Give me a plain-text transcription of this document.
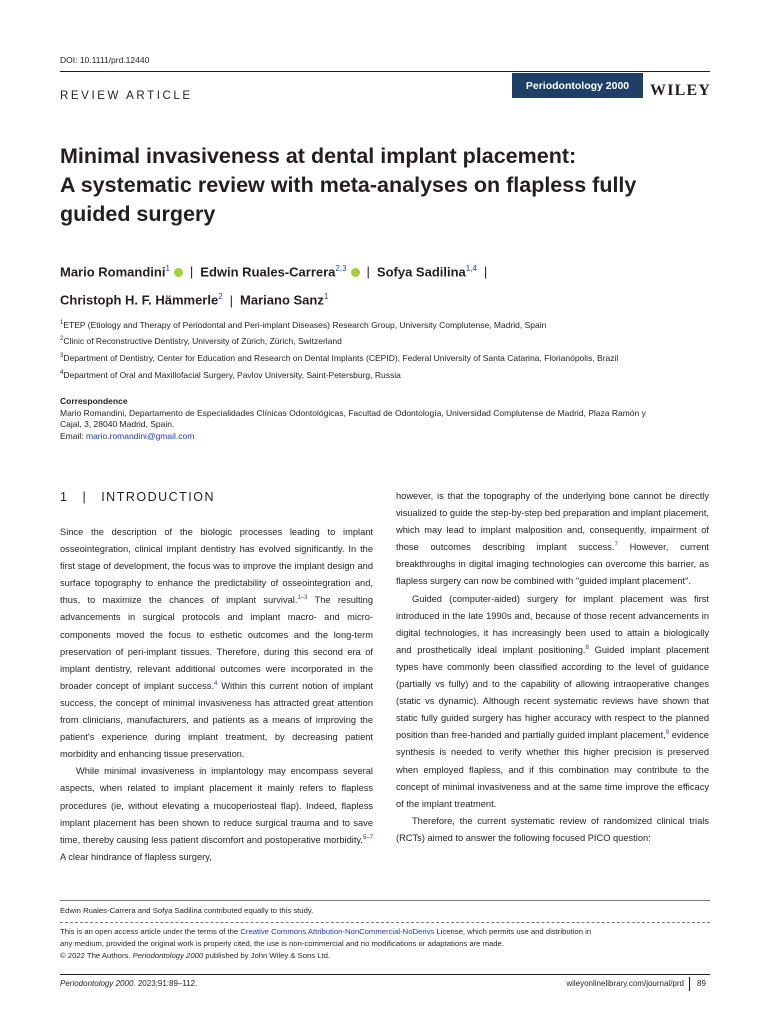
DOI: 10.1111/prd.12440
REVIEW ARTICLE
Periodontology 2000 WILEY
Minimal invasiveness at dental implant placement:
A systematic review with meta-analyses on flapless fully
guided surgery
Mario Romandini$^1$ | Edwin Ruales-Carrera$^{2,3}$ | Sofya Sadilina$^{1,4}$ |
Christoph H. F. Hämmerle$^2$ | Mariano Sanz$^1$
$^1$ETEP (Etiology and Therapy of Periodontal and Peri-implant Diseases) Research Group, University Complutense, Madrid, Spain
$^2$Clinic of Reconstructive Dentistry, University of Zürich, Zürich, Switzerland
$^3$Department of Dentistry, Center for Education and Research on Dental Implants (CEPID), Federal University of Santa Catarina, Florianópolis, Brazil
$^4$Department of Oral and Maxillofacial Surgery, Pavlov University, Saint-Petersburg, Russia
Correspondence
Mario Romandini, Departamento de Especialidades Clínicas Odontológicas, Facultad de Odontología, Universidad Complutense de Madrid, Plaza Ramón y
Cajal, 3, 28040 Madrid, Spain.
Email: mario.romandini@gmail.com
1 | INTRODUCTION

Since the description of the biologic processes leading to implant osseointegration, clinical implant dentistry has evolved significantly. In the first stage of development, the focus was to improve the implant design and surface topography to enhance the predictability of osseointegration and, thus, to maximize the chances of implant survival.$^{1-3}$ The resulting advancements in surgical protocols and implant macro- and micro-components moved the focus to esthetic outcomes and the long-term preservation of peri-implant tissues. Therefore, during this second era of implant dentistry, relevant additional outcomes were incorporated in the broader concept of implant success.$^4$ Within this current notion of implant success, the concept of minimal invasiveness has attracted great attention from clinicians, manufacturers, and patients as a means of improving the patient's experience during implant treatment, by decreasing patient morbidity and enhancing tissue preservation.

While minimal invasiveness in implantology may encompass several aspects, when related to implant placement it mainly refers to flapless procedures (ie, without elevating a mucoperiosteal flap). Indeed, flapless implant placement has been shown to reduce surgical trauma and to save time, thereby causing less patient discomfort and postoperative morbidity.$^{5-7}$ A clear hindrance of flapless surgery,

however, is that the topography of the underlying bone cannot be directly visualized to guide the step-by-step bed preparation and implant placement, which may lead to implant malposition and, consequently, impairment of those outcomes describing implant success.$^7$ However, current breakthroughs in digital imaging technologies can overcome this barrier, as flapless surgery can now be combined with "guided implant placement".

Guided (computer-aided) surgery for implant placement was first introduced in the late 1990s and, because of those recent advancements in digital technologies, it has increasingly been used to attain a biologically and prosthetically ideal implant positioning.$^8$ Guided implant placement types have commonly been classified according to the level of guidance (partially vs fully) and to the capability of allowing intraoperative changes (static vs dynamic). Although recent systematic reviews have shown that static fully guided surgery has higher accuracy with respect to the planned position than free-handed and partially guided implant placement,$^9$ evidence synthesis is needed to verify whether this higher precision is preserved when employed flapless, and if this combination may contribute to the concept of minimal invasiveness and at the same time improve the efficacy of the implant treatment.

Therefore, the current systematic review of randomized clinical trials (RCTs) aimed to answer the following focused PICO question:

Edwin Ruales-Carrera and Sofya Sadilina contributed equally to this study.
This is an open access article under the terms of the Creative Commons Attribution-NonCommercial-NoDerivs License, which permits use and distribution in
any medium, provided the original work is properly cited, the use is non-commercial and no modifications or adaptations are made.
© 2022 The Authors. Periodontology 2000 published by John Wiley & Sons Ltd.
Periodontology 2000. 2023;91:89–112.	wileyonlinelibrary.com/journal/prd 89
